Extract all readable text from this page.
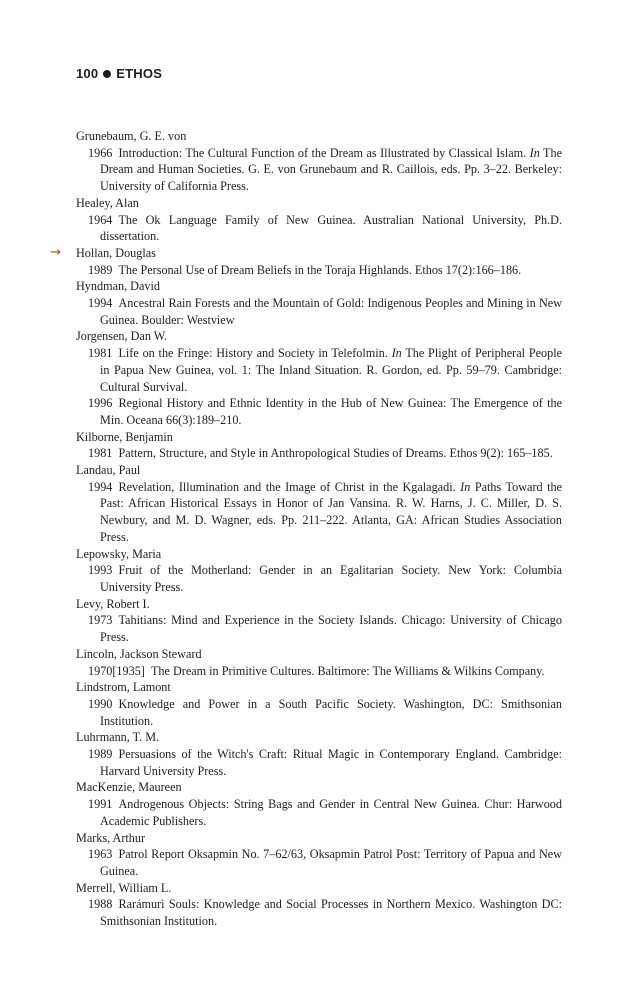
100 ETHOS
Grunebaum, G. E. von
1966  Introduction: The Cultural Function of the Dream as Illustrated by Classical Islam. In The Dream and Human Societies. G. E. von Grunebaum and R. Caillois, eds. Pp. 3–22. Berkeley: University of California Press.
Healey, Alan
1964  The Ok Language Family of New Guinea. Australian National University, Ph.D. dissertation.
→ Hollan, Douglas
1989  The Personal Use of Dream Beliefs in the Toraja Highlands. Ethos 17(2):166–186.
Hyndman, David
1994  Ancestral Rain Forests and the Mountain of Gold: Indigenous Peoples and Mining in New Guinea. Boulder: Westview
Jorgensen, Dan W.
1981  Life on the Fringe: History and Society in Telefolmin. In The Plight of Peripheral People in Papua New Guinea, vol. 1: The Inland Situation. R. Gordon, ed. Pp. 59–79. Cambridge: Cultural Survival.
1996  Regional History and Ethnic Identity in the Hub of New Guinea: The Emergence of the Min. Oceana 66(3):189–210.
Kilborne, Benjamin
1981  Pattern, Structure, and Style in Anthropological Studies of Dreams. Ethos 9(2): 165–185.
Landau, Paul
1994  Revelation, Illumination and the Image of Christ in the Kgalagadi. In Paths Toward the Past: African Historical Essays in Honor of Jan Vansina. R. W. Harns, J. C. Miller, D. S. Newbury, and M. D. Wagner, eds. Pp. 211–222. Atlanta, GA: African Studies Association Press.
Lepowsky, Maria
1993  Fruit of the Motherland: Gender in an Egalitarian Society. New York: Columbia University Press.
Levy, Robert I.
1973  Tahitians: Mind and Experience in the Society Islands. Chicago: University of Chicago Press.
Lincoln, Jackson Steward
1970[1935]  The Dream in Primitive Cultures. Baltimore: The Williams & Wilkins Company.
Lindstrom, Lamont
1990  Knowledge and Power in a South Pacific Society. Washington, DC: Smithsonian Institution.
Luhrmann, T. M.
1989  Persuasions of the Witch's Craft: Ritual Magic in Contemporary England. Cambridge: Harvard University Press.
MacKenzie, Maureen
1991  Androgenous Objects: String Bags and Gender in Central New Guinea. Chur: Harwood Academic Publishers.
Marks, Arthur
1963  Patrol Report Oksapmin No. 7–62/63, Oksapmin Patrol Post: Territory of Papua and New Guinea.
Merrell, William L.
1988  Rarámuri Souls: Knowledge and Social Processes in Northern Mexico. Washington DC: Smithsonian Institution.
